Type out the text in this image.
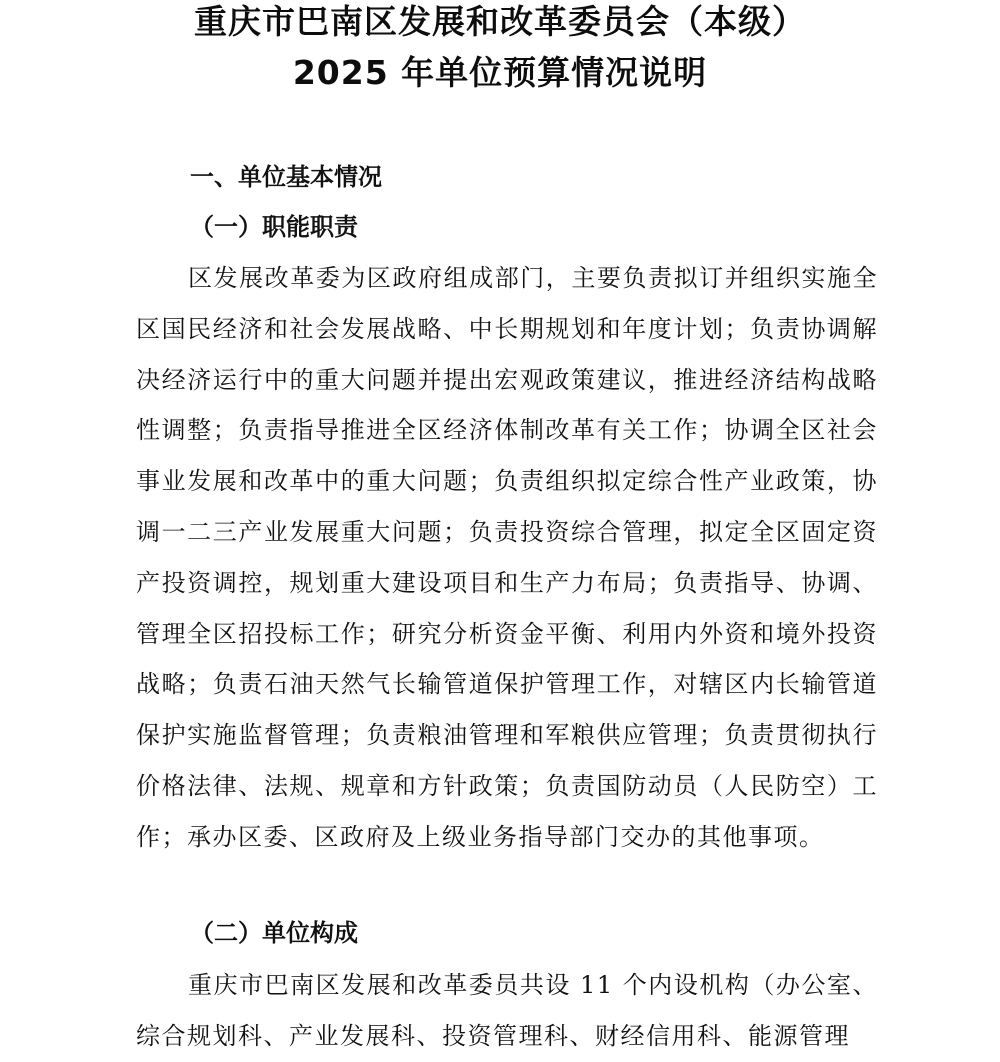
重庆市巴南区发展和改革委员会（本级）
2025 年单位预算情况说明
一、单位基本情况
（一）职能职责

区发展改革委为区政府组成部门，主要负责拟订并组织实施全区国民经济和社会发展战略、中长期规划和年度计划；负责协调解决经济运行中的重大问题并提出宏观政策建议，推进经济结构战略性调整；负责指导推进全区经济体制改革有关工作；协调全区社会事业发展和改革中的重大问题；负责组织拟定综合性产业政策，协调一二三产业发展重大问题；负责投资综合管理，拟定全区固定资产投资调控，规划重大建设项目和生产力布局；负责指导、协调、管理全区招投标工作；研究分析资金平衡、利用内外资和境外投资战略；负责石油天然气长输管道保护管理工作，对辖区内长输管道保护实施监督管理；负责粮油管理和军粮供应管理；负责贯彻执行价格法律、法规、规章和方针政策；负责国防动员（人民防空）工作；承办区委、区政府及上级业务指导部门交办的其他事项。

（二）单位构成

重庆市巴南区发展和改革委员共设 11 个内设机构（办公室、综合规划科、产业发展科、投资管理科、财经信用科、能源管理
